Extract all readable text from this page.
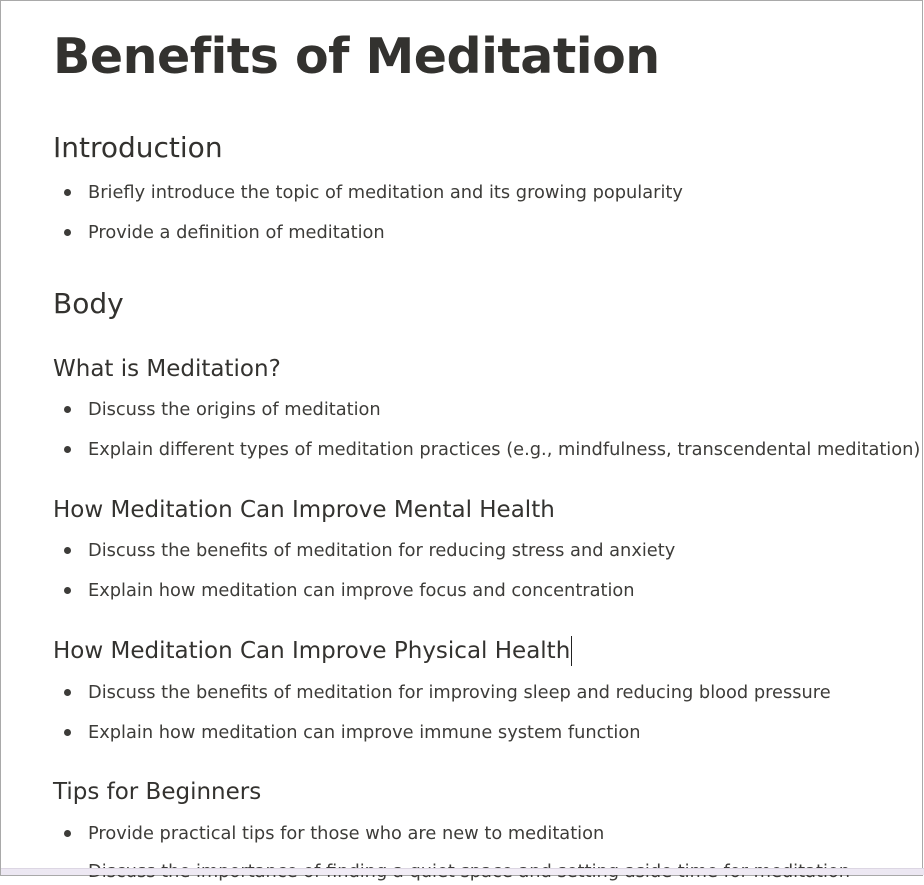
Benefits of Meditation
Introduction
Briefly introduce the topic of meditation and its growing popularity
Provide a definition of meditation
Body
What is Meditation?
Discuss the origins of meditation
Explain different types of meditation practices (e.g., mindfulness, transcendental meditation)
How Meditation Can Improve Mental Health
Discuss the benefits of meditation for reducing stress and anxiety
Explain how meditation can improve focus and concentration
How Meditation Can Improve Physical Health
Discuss the benefits of meditation for improving sleep and reducing blood pressure
Explain how meditation can improve immune system function
Tips for Beginners
Provide practical tips for those who are new to meditation
